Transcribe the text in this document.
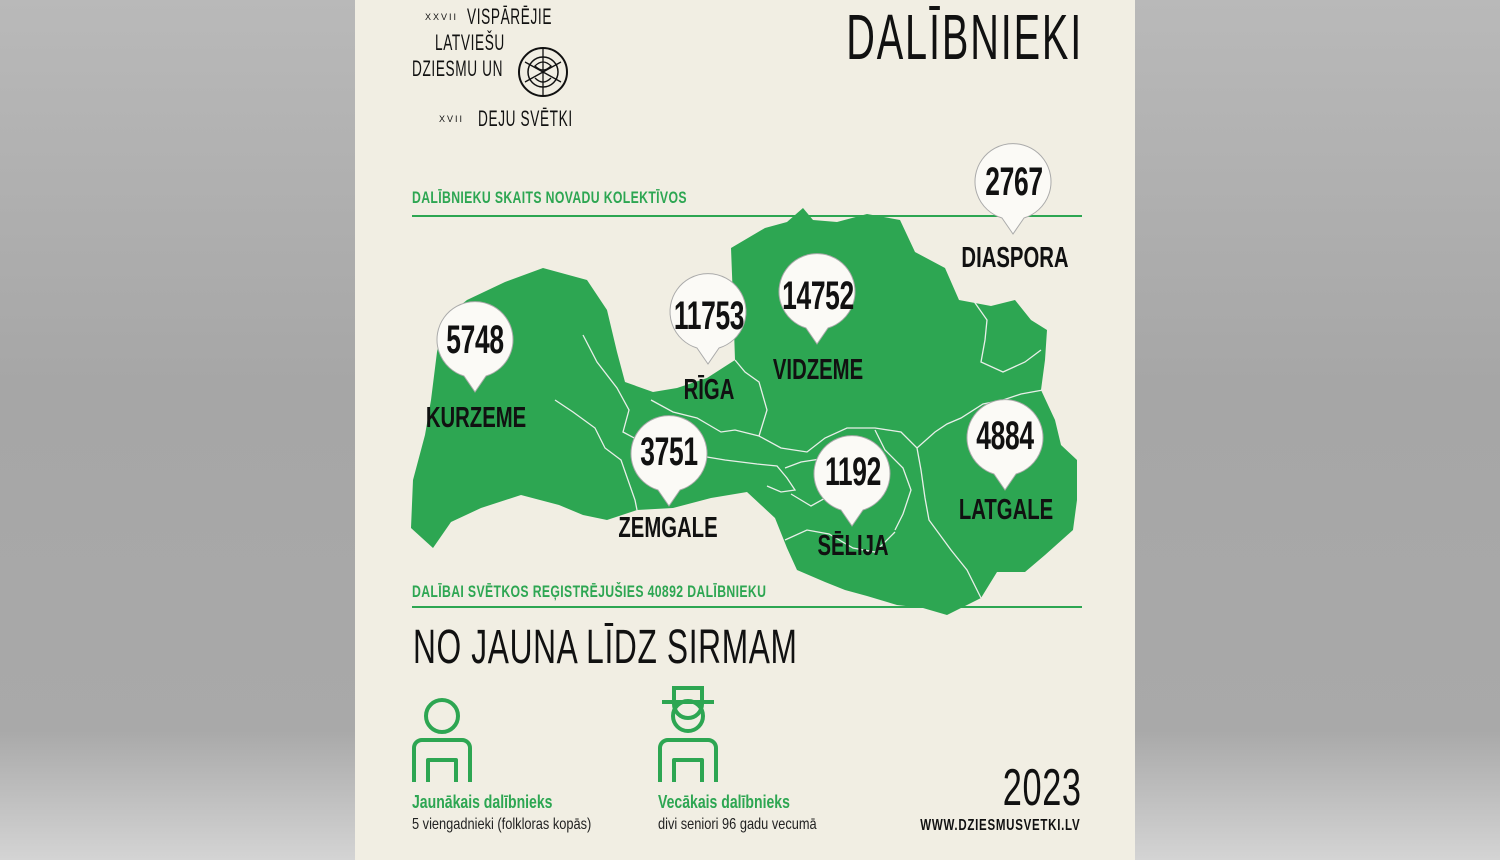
XXVII VISPĀRĒJIE
LATVIEŠU
DZIESMU UN
XVII DEJU SVĒTKI
DALĪBNIEKI
DALĪBNIEKU SKAITS NOVADU KOLEKTĪVOS
5748
KURZEME
11753
RĪGA
14752
VIDZEME
2767
DIASPORA
3751
ZEMGALE
1192
SĒLIJA
4884
LATGALE
DALĪBAI SVĒTKOS REĢISTRĒJUŠIES 40892 DALĪBNIEKU
NO JAUNA LĪDZ SIRMAM
Jaunākais dalībnieks
5 viengadnieki (folkloras kopās)
Vecākais dalībnieks
divi seniori 96 gadu vecumā
2023
WWW.DZIESMUSVETKI.LV
